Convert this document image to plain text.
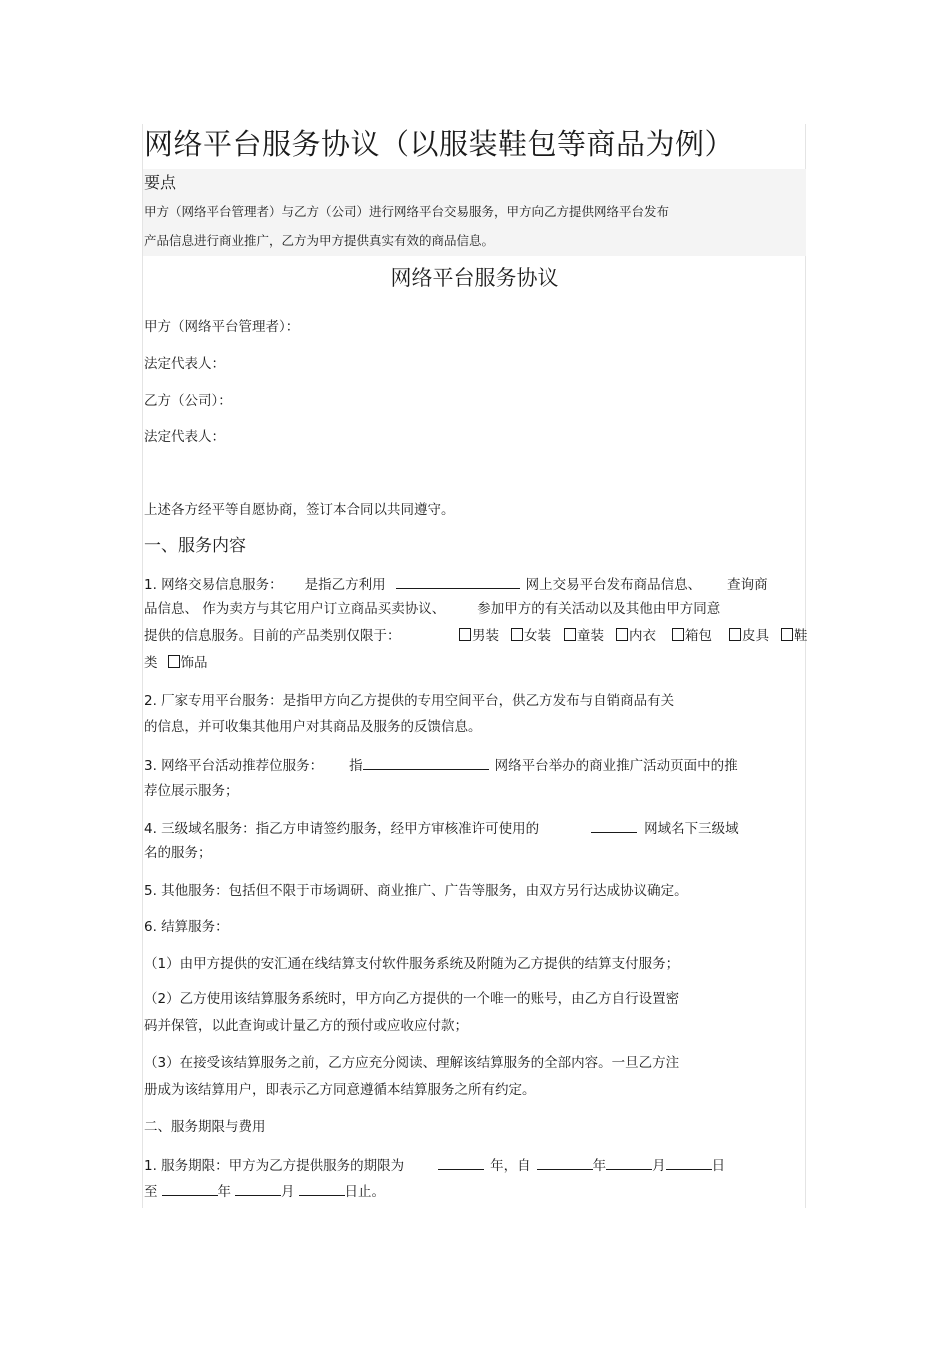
网络平台服务协议（以服装鞋包等商品为例）
要点
甲方（网络平台管理者）与乙方（公司）进行网络平台交易服务，甲方向乙方提供网络平台发布
产品信息进行商业推广，乙方为甲方提供真实有效的商品信息。
网络平台服务协议
甲方（网络平台管理者）：
法定代表人：
乙方（公司）：
法定代表人：
上述各方经平等自愿协商，签订本合同以共同遵守。
一、服务内容
1. 网络交易信息服务： 是指乙方利用	网上交易平台发布商品信息、 查询商
品信息、 作为卖方与其它用户订立商品买卖协议、 参加甲方的有关活动以及其他由甲方同意
提供的信息服务。目前的产品类别仅限于：	男装	女装	童装	内衣	箱包	皮具	鞋
类 饰品
2. 厂家专用平台服务：是指甲方向乙方提供的专用空间平台，供乙方发布与自销商品有关
的信息，并可收集其他用户对其商品及服务的反馈信息。
3. 网络平台活动推荐位服务： 指	网络平台举办的商业推广活动页面中的推
荐位展示服务；
4. 三级域名服务：指乙方申请签约服务，经甲方审核准许可使用的	网域名下三级域
名的服务；
5. 其他服务：包括但不限于市场调研、商业推广、广告等服务，由双方另行达成协议确定。
6. 结算服务：
（1）由甲方提供的安汇通在线结算支付软件服务系统及附随为乙方提供的结算支付服务；
（2）乙方使用该结算服务系统时，甲方向乙方提供的一个唯一的账号，由乙方自行设置密
码并保管，以此查询或计量乙方的预付或应收应付款；
（3）在接受该结算服务之前，乙方应充分阅读、理解该结算服务的全部内容。一旦乙方注
册成为该结算用户，即表示乙方同意遵循本结算服务之所有约定。
二、服务期限与费用
1. 服务期限：甲方为乙方提供服务的期限为	年，自	年	月	日
至	年	月	日止。
